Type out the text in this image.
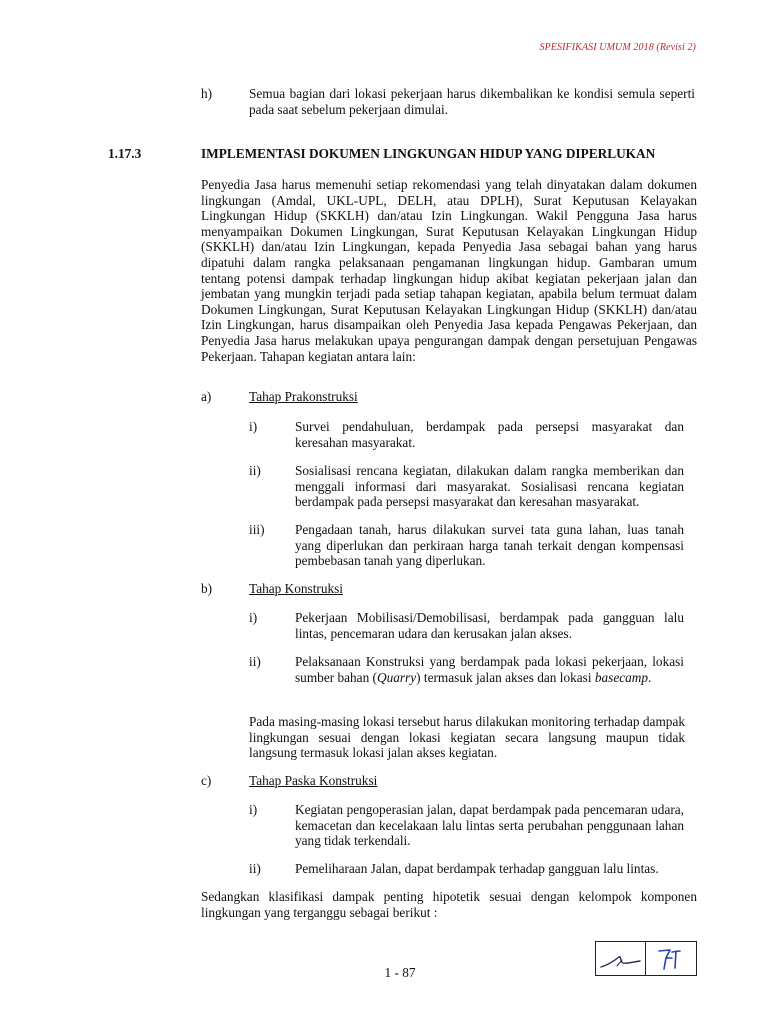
SPESIFIKASI UMUM 2018 (Revisi 2)
h)	Semua bagian dari lokasi pekerjaan harus dikembalikan ke kondisi semula seperti pada saat sebelum pekerjaan dimulai.
1.17.3	IMPLEMENTASI DOKUMEN LINGKUNGAN HIDUP YANG DIPERLUKAN
Penyedia Jasa harus memenuhi setiap rekomendasi yang telah dinyatakan dalam dokumen lingkungan (Amdal, UKL-UPL, DELH, atau DPLH), Surat Keputusan Kelayakan Lingkungan Hidup (SKKLH) dan/atau Izin Lingkungan. Wakil Pengguna Jasa harus menyampaikan Dokumen Lingkungan, Surat Keputusan Kelayakan Lingkungan Hidup (SKKLH) dan/atau Izin Lingkungan, kepada Penyedia Jasa sebagai bahan yang harus dipatuhi dalam rangka pelaksanaan pengamanan lingkungan hidup. Gambaran umum tentang potensi dampak terhadap lingkungan hidup akibat kegiatan pekerjaan jalan dan jembatan yang mungkin terjadi pada setiap tahapan kegiatan, apabila belum termuat dalam Dokumen Lingkungan, Surat Keputusan Kelayakan Lingkungan Hidup (SKKLH) dan/atau Izin Lingkungan, harus disampaikan oleh Penyedia Jasa kepada Pengawas Pekerjaan, dan Penyedia Jasa harus melakukan upaya pengurangan dampak dengan persetujuan Pengawas Pekerjaan. Tahapan kegiatan antara lain:
a)	Tahap Prakonstruksi
i)	Survei pendahuluan, berdampak pada persepsi masyarakat dan keresahan masyarakat.
ii)	Sosialisasi rencana kegiatan, dilakukan dalam rangka memberikan dan menggali informasi dari masyarakat. Sosialisasi rencana kegiatan berdampak pada persepsi masyarakat dan keresahan masyarakat.
iii) Pengadaan tanah, harus dilakukan survei tata guna lahan, luas tanah yang diperlukan dan perkiraan harga tanah terkait dengan kompensasi pembebasan tanah yang diperlukan.
b)	Tahap Konstruksi
i)	Pekerjaan Mobilisasi/Demobilisasi, berdampak pada gangguan lalu lintas, pencemaran udara dan kerusakan jalan akses.
ii)	Pelaksanaan Konstruksi yang berdampak pada lokasi pekerjaan, lokasi sumber bahan (Quarry) termasuk jalan akses dan lokasi basecamp.
Pada masing-masing lokasi tersebut harus dilakukan monitoring terhadap dampak lingkungan sesuai dengan lokasi kegiatan secara langsung maupun tidak langsung termasuk lokasi jalan akses kegiatan.
c)	Tahap Paska Konstruksi
i)	Kegiatan pengoperasian jalan, dapat berdampak pada pencemaran udara, kemacetan dan kecelakaan lalu lintas serta perubahan penggunaan lahan yang tidak terkendali.
ii)	Pemeliharaan Jalan, dapat berdampak terhadap gangguan lalu lintas.
Sedangkan klasifikasi dampak penting hipotetik sesuai dengan kelompok komponen lingkungan yang terganggu sebagai berikut :
1 - 87
